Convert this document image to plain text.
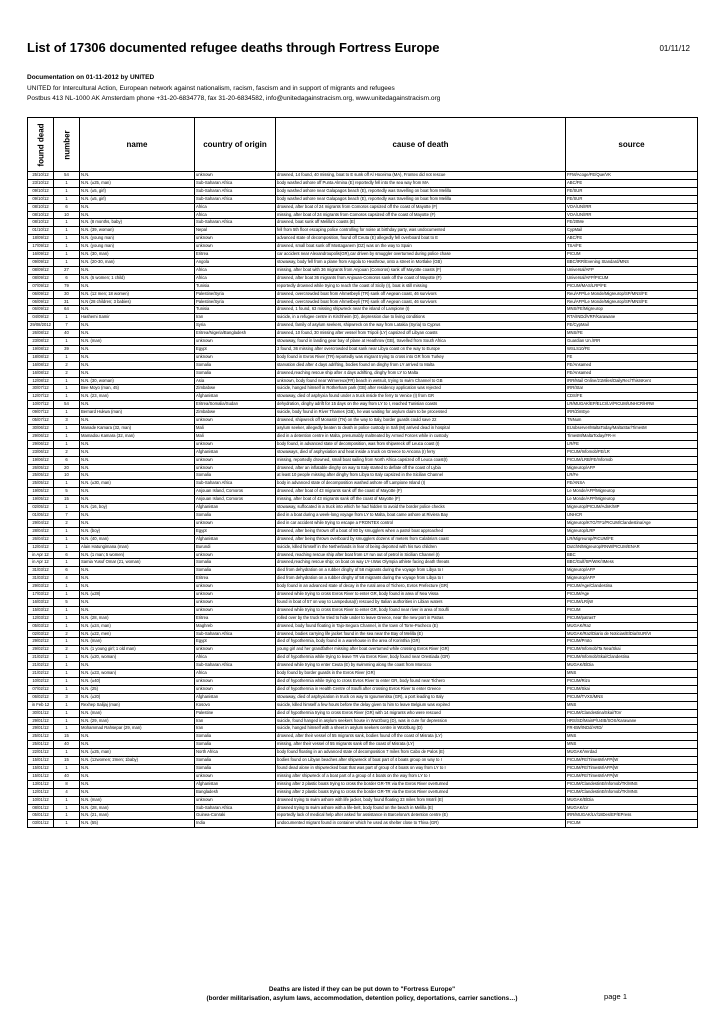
List of 17306 documented refugee deaths through Fortress Europe	01/11/12
Documentation on 01-11-2012 by UNITED
UNITED for Intercultural Action, European network against nationalism, racism, fascism and in support of migrants and refugees
Postbus 413 NL-1000 AK Amsterdam phone +31-20-6834778, fax 31-20-6834582, info@unitedagainstracism.org, www.unitedagainstracism.org
found dead	number	name	country of origin	cause of death	source
25/10/12	54	N.N.	unknown	drowned, 14 found, 40 missing, boat to E sunk off Al Hoceima (MA), Frontex did not rescue	FFM/Acoge/FE/Que/VK
23/10/12	1	N.N. (±25, man)	Sub-Saharan Africa	body washed ashore off Punta Almina (E) reportedly fell into the sea way from MA	ABC/FE
09/10/12	1	N.N. (±5, girl)	Sub-Saharan Africa	body washed ashore near Galapagos beach (E), reportedly was travelling on boat from Melilla	FE/SUR
09/10/12	1	N.N. (±5, girl)	Sub-Saharan Africa	body washed ashore near Galapagos beach (E), reportedly was travelling on boat from Melilla	FE/SUR
08/10/12	6	N.N.	Africa	drowned, after boat of 24 migrants from Comoros capsized off the coast of Mayotte (F)	VOA/UN/IRR
08/10/12	10	N.N.	Africa	missing, after boat of 24 migrants from Comoros capsized off the coast of Mayotte (F)	VOA/UN/IRR
08/10/12	1	N.N. (8 months, baby)	Sub-Saharan Africa	drowned, boat sunk off Melilla's coasts (E)	FE/20Me
01/10/12	1	N.N. (39, woman)	Nepal	fell from 5th floor escaping police controlling for noise at birthday party, was undocumented	CypMail
18/09/12	1	N.N. (young man)	unknown	advanced state of decomposition, found off Ceuta (E) allegedly fell overboard boat to E	ABC/FE
17/09/12	1	N.N. (young man)	unknown	drowned, small boat sunk off Mostaganem (DZ) was on the way to Spain	TSA/FE
16/09/12	1	N.N. (30, man)	Eritrea	car accident near Alexandroupolis(GR),car driven by smuggler overturned during police chase	PICUM
09/09/12	1	N.N. (20-30, man)	Angola	stowaway, body fell from a plane from Angola to Heathrow, onto a street in Mortlake (GB)	BBC/IRR/Evening Standard/MNS
08/09/12	27	N.N.	Africa	missing, after boat with 36 migrants from Anjouan (Comoros) sank off Mayotte coasts (F)	Universal/AFP
08/09/12	6	N.N. (5 women; 1 child)	Africa	drowned, after boat 36 migrants from Anjouan-Comoros sank off the coast of Mayotte (F)	Universal/AFP/PICUM
07/09/12	79	N.N.	Tunisia	reportedly drowned while trying to reach the coast of Sicily (I), boat is still missing	PICUM/MAS/LRP/FE
06/09/12	30	N.N. (12 men; 18 women)	Palestine/Syria	drowned, overcrowded boat from Ahmetbeyli (TR) sank off Aegean coast, 46 survivors	Reu/AFP/Le Monde/Migreurop/SP/MNS/FE
06/09/12	31	N.N (28 children; 3 babies)	Palestine/Syria	drowned, overcrowded boat from Ahmetbeyli (TR) sank off Aegean coast, 46 survivors	Reu/AFP/Le Monde/Migreurop/SP/MNS/FE
06/09/12	64	N.N.	Tunisia	drowned, 1 found, 63 missing shipwreck near the island of Lampione (I)	MNS/FE/Migreurop
04/09/12	1	Hashemi Samir	Iran	suicide, in a refugee centre in Kirchheim (D), depression due to living conditions	RTA/INDd/VRF/Karawane
29/08/2012	7	N.N.	Syria	drowned, family of asylum seekers, shipwreck on the way from Latakia (Syria) to Cyprus	FE/CypMail
26/08/12	40	N.N.	Eritrea/Nigeria/Bangladesh	drowned, 10 found, 30 missing after vessel from Tripoli (LY) capsized off Libyan coasts	MNS/FE
23/08/12	1	N.N. (man)	unknown	stowaway, found in landing gear bay of plane at Heathrow (GB), travelled from South Africa	Guardian Un./IRR
19/08/12	39	N.N.	Egypt	3 found, 36 missing after overcrowded boat sank near Libya coast on the way to Europe	WSLS10/FE
18/08/12	1	N.N.	unknown	body found in Evros River (TR) reportedly was migrant trying to cross into GR from Turkey	FE
16/08/12	2	N.N.	Somalia	starvation died after 4 days adrifting, bodies found on dinghy from LY arrived to Malta	FE/Ansamed
16/08/12	2	N.N.	Somalia	drowned,reaching rescue ship after 4 days adrifting, dinghy from LY to Malta	FE/Ansamed
12/08/12	1	N.N. (30, woman)	Asia	unknown, body found near Wimereux(FR) beach in wetsuit, trying to swim Channel to GB	IRR/Mail Online/21Miles/DailyRec/ThisIsKent
30/07/12	1	Bee Moyo (man, 45)	Zimbabwe	suicide, hanged himself in Rotherham park (GB) after residency application was rejected	IRR/Star
12/07/12	1	N.N. (23, man)	Afghanistan	stowaway, died of asphyxia found under a truck inside the ferry to Venice (I) from GR	CDS/FE
10/07/12	54	N.N.	Eritrea/Somalia/Sudan	dehydration, dinghy adrift for 15 days on the way from LY to I, reached Tunisian coasts	LR/MUGAK/EP/ELCI/LV/PICUM/UNHCR/HRW
09/07/12	1	Bernard Hukwa (man)	Zimbabwe	suicide, body found in River Thames (GB), he was waiting for asylum claim to be processed	IRR/ZimEye
05/07/12	3	N.N.	unknown	drowned, shipwreck off Monastir (TN) on the way to Italy, border guards could save 22	TNNum
30/06/12	1	Manade Kamara (32, man)	Mali	asylum seeker, allegedly beaten to death in police custody in Safi (M) arrived dead in hospital	EUobserver/MaltaToday/MaltaStar/TimesM
29/06/12	1	Mamadou Kamara (32, man)	Mali	died in a detention centre in Malta, presumably maltreated by Armed Forces while in custody	TimesM/MaltaToday/FR-H
29/06/12	1	N.N.	unknown	body found, in advanced state of decomposition, was from shipwreck off Leuca coast (I)	LR/FE
23/06/12	2	N.N.	Afghanistan	stowaways, died of asphyxiation and heat inside a truck on Greece to Ancona (I) ferry	PICUM/Infomob/FE/LR
19/06/12	6	N.N.	unknown	missing, reportedly drowned, small boat sailing from North Africa capsized off Leuca coast(I)	PICUM/LRB/FE/Infomob
26/05/12	20	N.N.	unknown	drowned, after an inflatable dinghy on way to Italy started to deflate off the coast of Lybia	Migreurop/AFP
25/05/12	10	N.N.	Somalia	at least 10 people missing after dinghy from Libya to Italy capsized in the Sicilian Channel	LR/Fe
25/05/12	1	N.N. (±30, man)	Sub-Saharan Africa	body in advanced state of decomposition washed ashore off Lampione Island (I)	FE/ANSA
19/05/12	5	N.N.	Anjouan Island, Comoros	drowned, after boat of 43 migrants sank off the coast of Mayotte (F)	Le Monde/AFP/Migreurop
19/05/12	15	N.N.	Anjouan Island, Comoros	missing, after boat of 43 migrants sank off the coast of Mayotte (F)	Le Monde/AFP/Migreurop
02/05/12	1	N.N. (16, boy)	Afghanistan	stowaway, suffocated in a truck into which he had hidden to avoid the border police checks	Migreurop/PICUM/AdnK/MP
01/05/12	7	N.N.	Somalia	died in a boat during a week-long voyage from LY to Malta, boat came ashore at Riviera Bay	UNHCR
29/04/12	2	N.N.	unknown	died in car accident while trying to escape a FRONTEX control	Migreurop/KTG/TF1/PICUM/Clandestina/Age
28/04/12	1	N.N. (boy)	Egypt	drowned, after being thrown off a boat of 80 by smugglers when a patrol boat approached	Migreurop/LRP
26/04/12	1	N.N. (40, man)	Afghanistan	drowned, after being thrown overboard by smugglers dozens of meters from Calabria's coast	LR/Migreurop/PICUM/FE
12/04/12	1	Alain Hatungimana (man)	Burundi	suicide, killed himself in the Netherlands in fear of being deported with his two children	DutchN/Migreurop/RNW/PICUM/ENAR
in Apr 12	6	N.N. (1 man; 5 women)	unknown	drowned, reaching rescue ship after boat from LY run out of petrol in Sicilian Channel (I)	BBC
in Apr 12	1	Samia Yusuf Omar (21, woman)	Somalia	drowned,reaching rescue ship; on boat on way LY-I.Was Olympia athlete facing death threats	BBC/Gulf/SP/WIK/IIMess
31/03/12	6	N.N.	Somalia	died from dehydration on a rubber dinghy of 58 migrants during the voyage from Libya to I	Migreurop/AFP
31/03/12	4	N.N.	Eritrea	died from dehydration on a rubber dinghy of 58 migrants during the voyage from Libya to I	Migreurop/AFP
29/03/12	1	N.N.	unknown	body found in an advanced state of decay in the rural area of Tichero, Evros Prefecture (GR)	PICUM/Age/Clandestina
17/03/12	1	N.N. (±28)	unknown	drowned while trying to cross Evros River to enter GR, body found in area of Nea Vissa	PICUM/Age
16/03/12	5	N.N.	unknown	found in boat of 57 on way to Lampedusa(I) rescued by Italian authorities in Libian waters	PICUM/LR/jW
15/03/12	1	N.N.	unknown	drowned while trying to cross Evros River to enter GR, body found near river in area of Soufli	PICUM
12/03/12	1	N.N. (28, man)	Eritrea	rolled over by the truck he tried to hide under to leave Greece, near the new port in Patras	PICUM/patrasT
05/03/12	1	N.N. (±24, man)	Maghreb	drowned, body found floating in Tajo-Segura Channel, in the town of Torre-Pacheco (E)	MUGAK/Raz
02/03/12	2	N.N. (±22, men)	Sub-Saharan Africa	drowned, bodies carrying life jacket found in the sea near the Bay of Melilla (E)	MUGAK/Raz/Diario de Noticias/ElDia/SUR/VI
29/02/12	1	N.N. (man)	Egypt	died of hypothermia, body found in a warehouse in the area of Korinthia (GR)	PICUM/Proto
29/02/12	2	N.N. (1 young girl; 1 old man)	unknown	young girl and her grandfather missing after boat overturned while crossing Evros River (GR)	PICUM/Infomob/Ta Nea/Skai
21/02/12	1	N.N. (±20, woman)	Africa	died of hypothermia while trying to leave TR via Evros River, body found near Orestiada (GR)	PICUM/Infomob/Skai/Clandestina
21/02/12	1	N.N.	Sub-Saharan Africa	drowned while trying to enter Ceuta (E) by swimming along the coast from Morocco	MUGAK/ElDia
21/02/12	1	N.N. (±23, woman)	Africa	body found by border guards in the Evros River (GR)	MNS
10/02/12	1	N.N. (±40)	unknown	died of hypothermia while trying to cross Evros River to enter GR, body found near Tichero	PICUM/Rizo
07/02/12	1	N.N. (25)	unknown	died of hypothermia in Health Centre of Soufli after crossing Evros River to enter Greece	PICUM/Skai
06/02/12	3	N.N. (±20)	Afghanistan	stowaway, died of asphyxiation in truck on way to Igoumenitsa (GR), a port leading to Italy	PICUM/TVXS/MNS
in Feb 12	1	Rexhep Salijaj (man)	Kosovo	suicide, killed himself a few hours before the delay given to him to leave Belgium was expired	MNS
30/01/12	1	N.N. (man)	Palestine	died of hypothermia trying to cross Evros River (GR) with 14 migrants who were rescued	PICUM/Clandestina/Skai/ToV
29/01/12	1	N.N. (29, man)	Iran	suicide, found hanged in asylum seekers house in Wurzburg (D), was in cure for depression	HRS/SD/MainP/U4IB/SOS/Karawane
29/01/12	1	Mohammad Rahsepar (29, man)	Iran	suicide, hanged himself with a sheet in asylum seekers centre in Würzburg (D)	FR-BW/INDd/ARD/
25/01/12	15	N.N.	Somalia	drowned, after their vessel of 55 migrants sank, bodies found off the coast of Misrata (LY)	MNS
25/01/12	40	N.N.	Somalia	missing, after their vessel of 55 migrants sank off the coast of Misrata (LY)	MNS
22/01/12	1	N.N. (±25, man)	North Africa	body found floating in an advanced state of decomposition 7 miles from Cabo de Palos (E)	MUGAK/Verdad
15/01/12	15	N.N. (12women; 2men; 1baby)	Somalia	bodies found on Libyan beaches after shipwreck of boat part of 4 boats group on way to I	PICUM/FE/TimesM/AFP/jW
15/01/12	1	N.N.	Somalia	found dead alone in shipwrecked boat that was part of group of 4 boats on way from LY to I	PICUM/FE/TimesM/AFP/jW
15/01/12	40	N.N.	unknown	missing after shipwreck of a boat part of a group of 4 boats on the way from LY to I	PICUM/FE/TimesM/AFP/jW
13/01/12	8	N.N.	Afghanistan	missing after 2 plastic boats trying to cross the border GR-TR via the Evros River overturned	PICUM/ClandestinE/Infomob/TK/MNS
12/01/12	4	N.N.	Bangladesh	missing after 2 plastic boats trying to cross the border GR-TR via the Evros River overturned	PICUM/ClandestinE/Infomob/TK/MNS
10/01/12	1	N.N. (man)	unknown	drowned trying to swim ashore with life jacket, body found floating 33 miles from Motril (E)	MUGAK/ElDia
08/01/12	1	N.N. (28, man)	Sub-Saharan Africa	drowned trying to swim ashore with a life-belt, body found on the beach in Melilla (E)	MUGAK/LV
05/01/12	1	N.N. (21, man)	Guinea-Conraki	reportedly lack of medical help after asked for assistance in Barcelona's detention centre (E)	IRR/MUGAK/LV/18Des/EP/EPress
03/01/12	1	N.N. (55)	India	undocumented migrant found in container which he used as shelter close to Thiva (GR)	PICUM
Deaths are listed if they can be put down to "Fortress Europe"
(border militarisation, asylum laws, accommodation, detention policy, deportations, carrier sanctions…)	page 1
